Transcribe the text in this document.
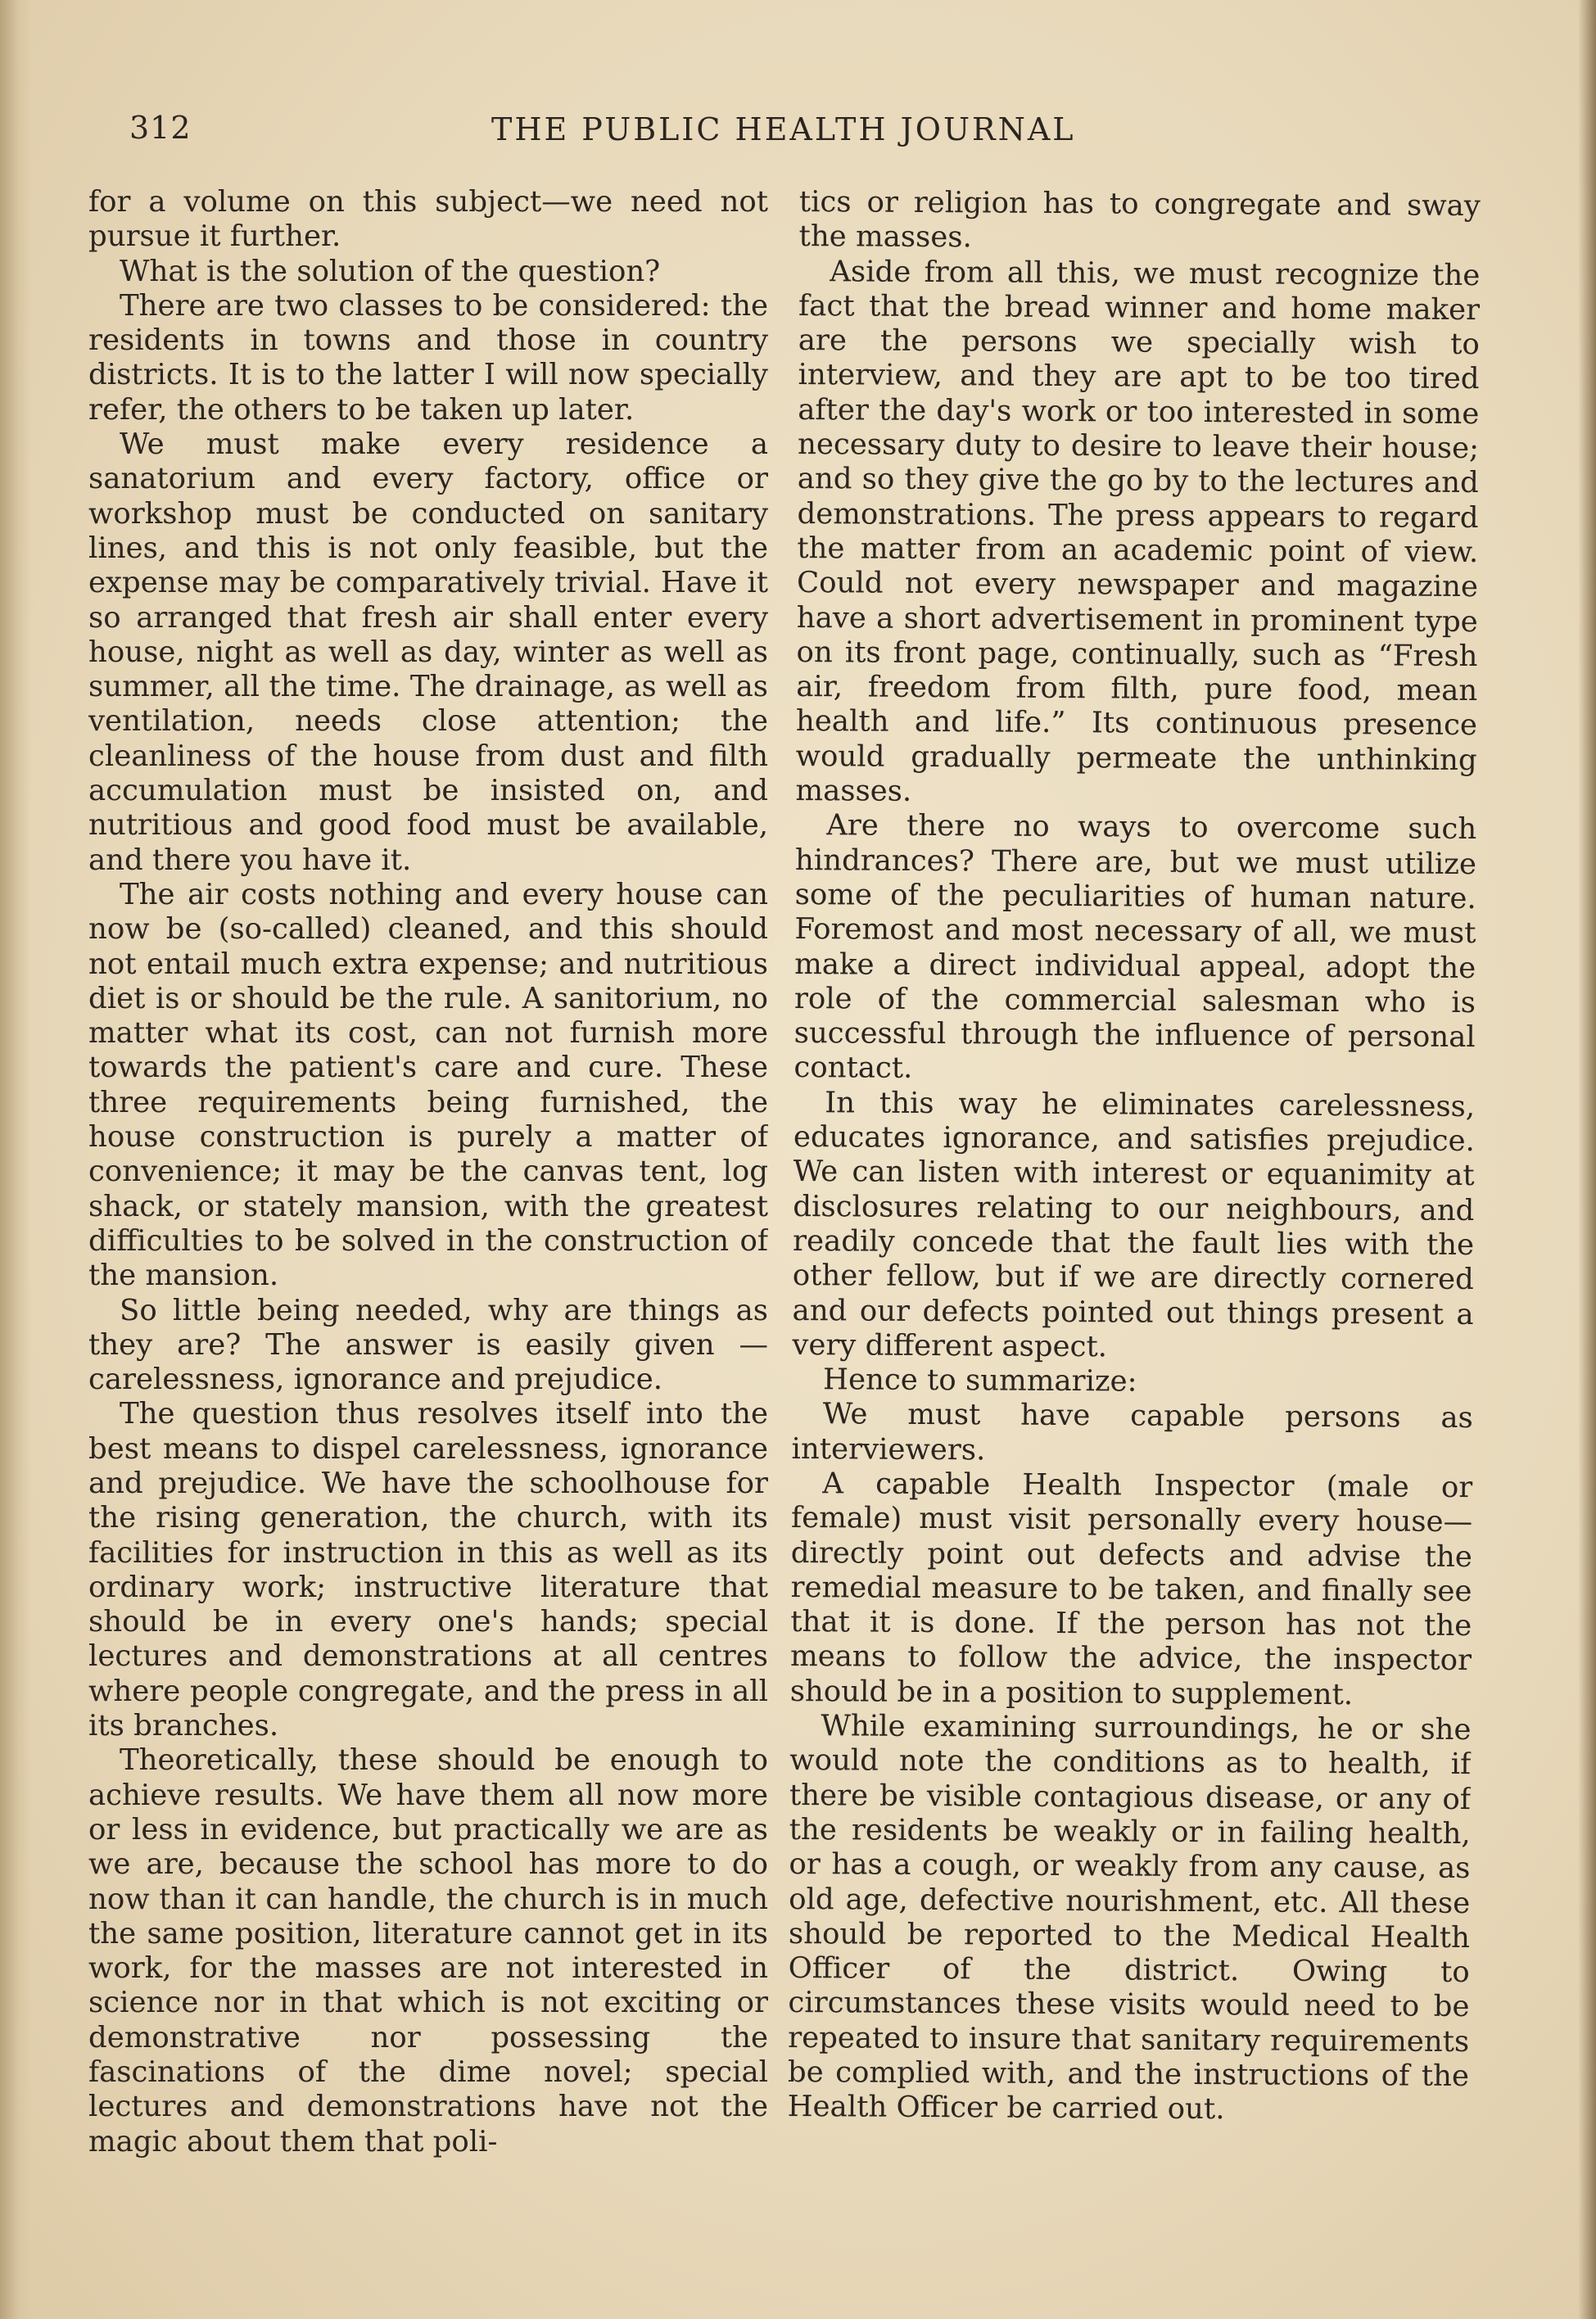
312	THE PUBLIC HEALTH JOURNAL

for a volume on this subject—we need not pursue it further.

What is the solution of the question?

There are two classes to be considered: the residents in towns and those in country districts. It is to the latter I will now specially refer, the others to be taken up later.

We must make every residence a sanatorium and every factory, office or workshop must be conducted on sanitary lines, and this is not only feasible, but the expense may be comparatively trivial. Have it so arranged that fresh air shall enter every house, night as well as day, winter as well as summer, all the time. The drainage, as well as ventilation, needs close attention; the cleanliness of the house from dust and filth accumulation must be insisted on, and nutritious and good food must be available, and there you have it.

The air costs nothing and every house can now be (so-called) cleaned, and this should not entail much extra expense; and nutritious diet is or should be the rule. A sanitorium, no matter what its cost, can not furnish more towards the patient's care and cure. These three requirements being furnished, the house construction is purely a matter of convenience; it may be the canvas tent, log shack, or stately mansion, with the greatest difficulties to be solved in the construction of the mansion.

So little being needed, why are things as they are? The answer is easily given —carelessness, ignorance and prejudice.

The question thus resolves itself into the best means to dispel carelessness, ignorance and prejudice. We have the schoolhouse for the rising generation, the church, with its facilities for instruction in this as well as its ordinary work; instructive literature that should be in every one's hands; special lectures and demonstrations at all centres where people congregate, and the press in all its branches.

Theoretically, these should be enough to achieve results. We have them all now more or less in evidence, but practically we are as we are, because the school has more to do now than it can handle, the church is in much the same position, literature cannot get in its work, for the masses are not interested in science nor in that which is not exciting or demonstrative nor possessing the fascinations of the dime novel; special lectures and demonstrations have not the magic about them that poli-

tics or religion has to congregate and sway the masses.

Aside from all this, we must recognize the fact that the bread winner and home maker are the persons we specially wish to interview, and they are apt to be too tired after the day's work or too interested in some necessary duty to desire to leave their house; and so they give the go by to the lectures and demonstrations. The press appears to regard the matter from an academic point of view. Could not every newspaper and magazine have a short advertisement in prominent type on its front page, continually, such as “Fresh air, freedom from filth, pure food, mean health and life.” Its continuous presence would gradually permeate the unthinking masses.

Are there no ways to overcome such hindrances? There are, but we must utilize some of the peculiarities of human nature. Foremost and most necessary of all, we must make a direct individual appeal, adopt the role of the commercial salesman who is successful through the influence of personal contact.

In this way he eliminates carelessness, educates ignorance, and satisfies prejudice. We can listen with interest or equanimity at disclosures relating to our neighbours, and readily concede that the fault lies with the other fellow, but if we are directly cornered and our defects pointed out things present a very different aspect.

Hence to summarize:

We must have capable persons as interviewers.

A capable Health Inspector (male or female) must visit personally every house—directly point out defects and advise the remedial measure to be taken, and finally see that it is done. If the person has not the means to follow the advice, the inspector should be in a position to supplement.

While examining surroundings, he or she would note the conditions as to health, if there be visible contagious disease, or any of the residents be weakly or in failing health, or has a cough, or weakly from any cause, as old age, defective nourishment, etc. All these should be reported to the Medical Health Officer of the district. Owing to circumstances these visits would need to be repeated to insure that sanitary requirements be complied with, and the instructions of the Health Officer be carried out.
